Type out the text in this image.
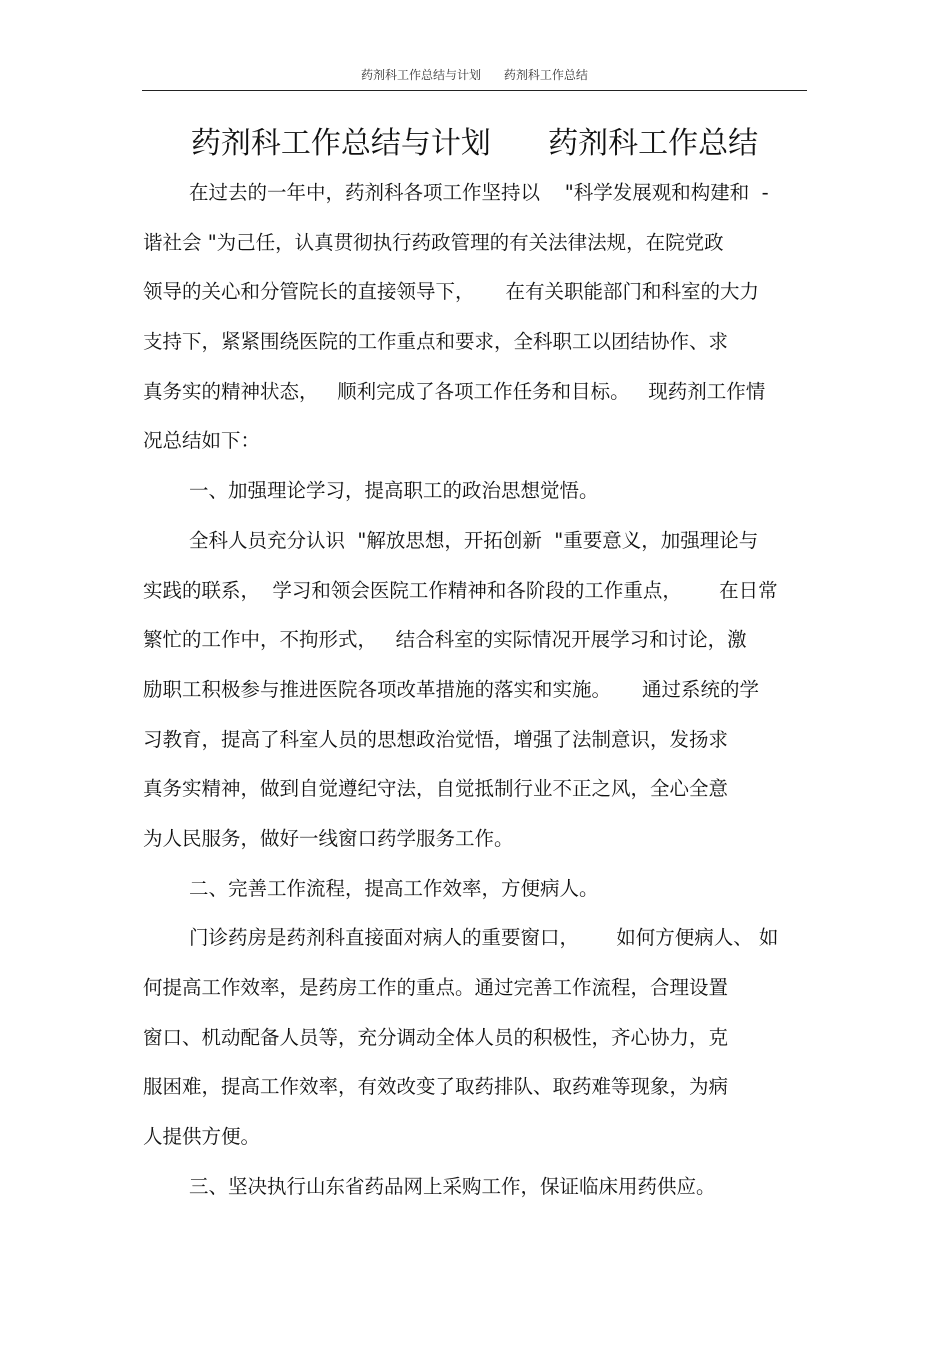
药剂科工作总结与计划      药剂科工作总结
药剂科工作总结与计划      药剂科工作总结
在过去的一年中，药剂科各项工作坚持以    "科学发展观和构建和  -
谐社会 "为己任，认真贯彻执行药政管理的有关法律法规，在院党政
领导的关心和分管院长的直接领导下，     在有关职能部门和科室的大力
支持下，紧紧围绕医院的工作重点和要求，全科职工以团结协作、求
真务实的精神状态，   顺利完成了各项工作任务和目标。   现药剂工作情
况总结如下：
一、加强理论学习，提高职工的政治思想觉悟。
全科人员充分认识  "解放思想，开拓创新  "重要意义，加强理论与
实践的联系，  学习和领会医院工作精神和各阶段的工作重点，      在日常
繁忙的工作中，不拘形式，   结合科室的实际情况开展学习和讨论，激
励职工积极参与推进医院各项改革措施的落实和实施。     通过系统的学
习教育，提高了科室人员的思想政治觉悟，增强了法制意识，发扬求
真务实精神，做到自觉遵纪守法，自觉抵制行业不正之风，全心全意
为人民服务，做好一线窗口药学服务工作。
二、完善工作流程，提高工作效率，方便病人。
门诊药房是药剂科直接面对病人的重要窗口，      如何方便病人、 如
何提高工作效率，是药房工作的重点。通过完善工作流程，合理设置
窗口、机动配备人员等，充分调动全体人员的积极性，齐心协力，克
服困难，提高工作效率，有效改变了取药排队、取药难等现象，为病
人提供方便。
三、坚决执行山东省药品网上采购工作，保证临床用药供应。
